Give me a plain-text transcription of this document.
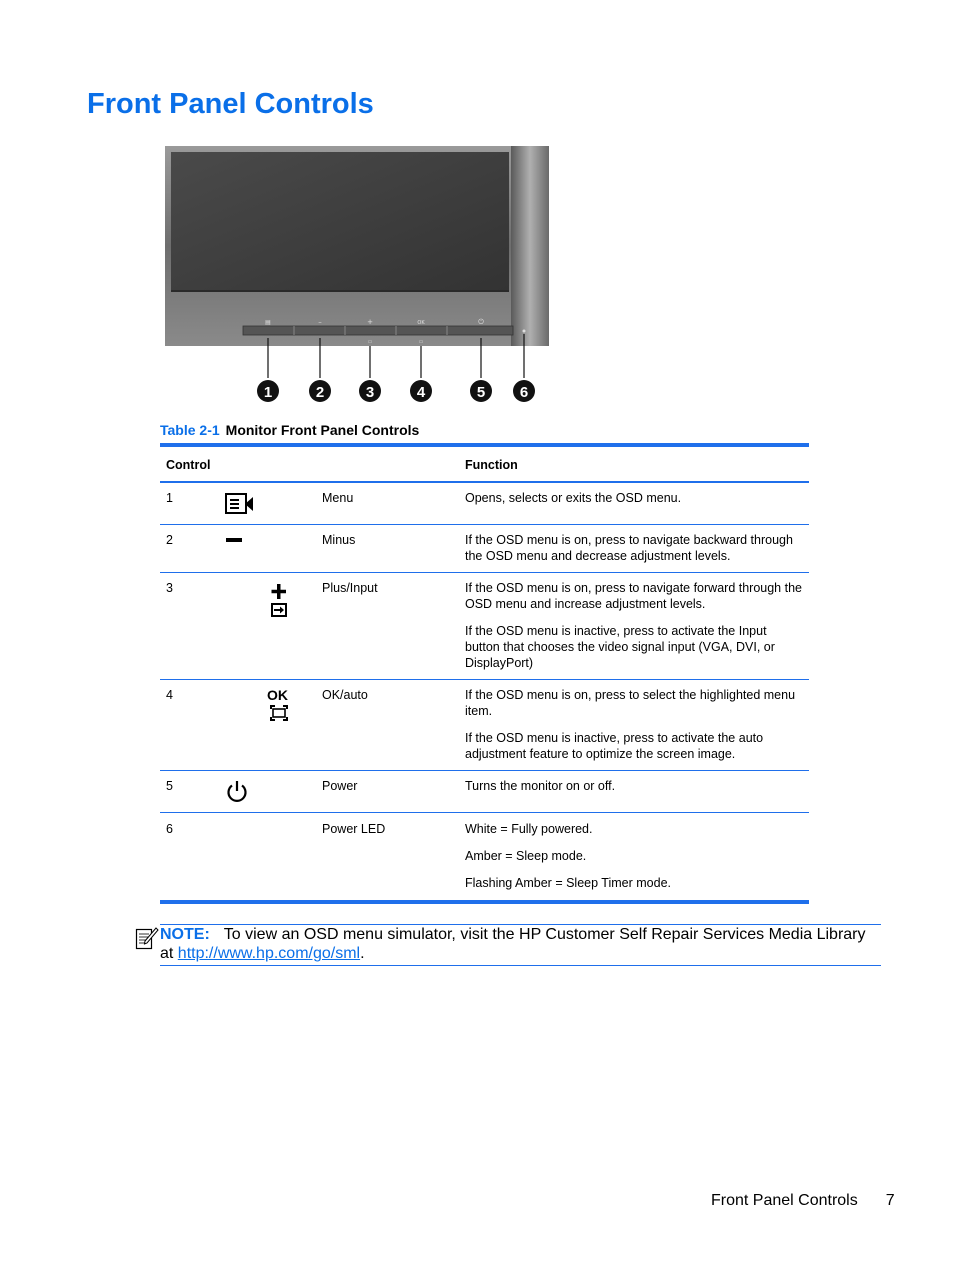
Front Panel Controls
▤	–	+	OK	⏻
▭	▭
1	2	3	4	5 6
Table 2-1 Monitor Front Panel Controls
Control			Function
1		Menu	Opens, selects or exits the OSD menu.

2		Minus	If the OSD menu is on, press to navigate backward through the OSD menu and decrease adjustment levels.

3		Plus/Input	If the OSD menu is on, press to navigate forward through the OSD menu and increase adjustment levels.

If the OSD menu is inactive, press to activate the Input button that chooses the video signal input (VGA, DVI, or DisplayPort)

4	OK	OK/auto	If the OSD menu is on, press to select the highlighted menu item.

If the OSD menu is inactive, press to activate the auto adjustment feature to optimize the screen image.

5		Power	Turns the monitor on or off.

6		Power LED	White = Fully powered.

Amber = Sleep mode.

Flashing Amber = Sleep Timer mode.

NOTE: To view an OSD menu simulator, visit the HP Customer Self Repair Services Media Library at http://www.hp.com/go/sml.
Front Panel Controls 7
